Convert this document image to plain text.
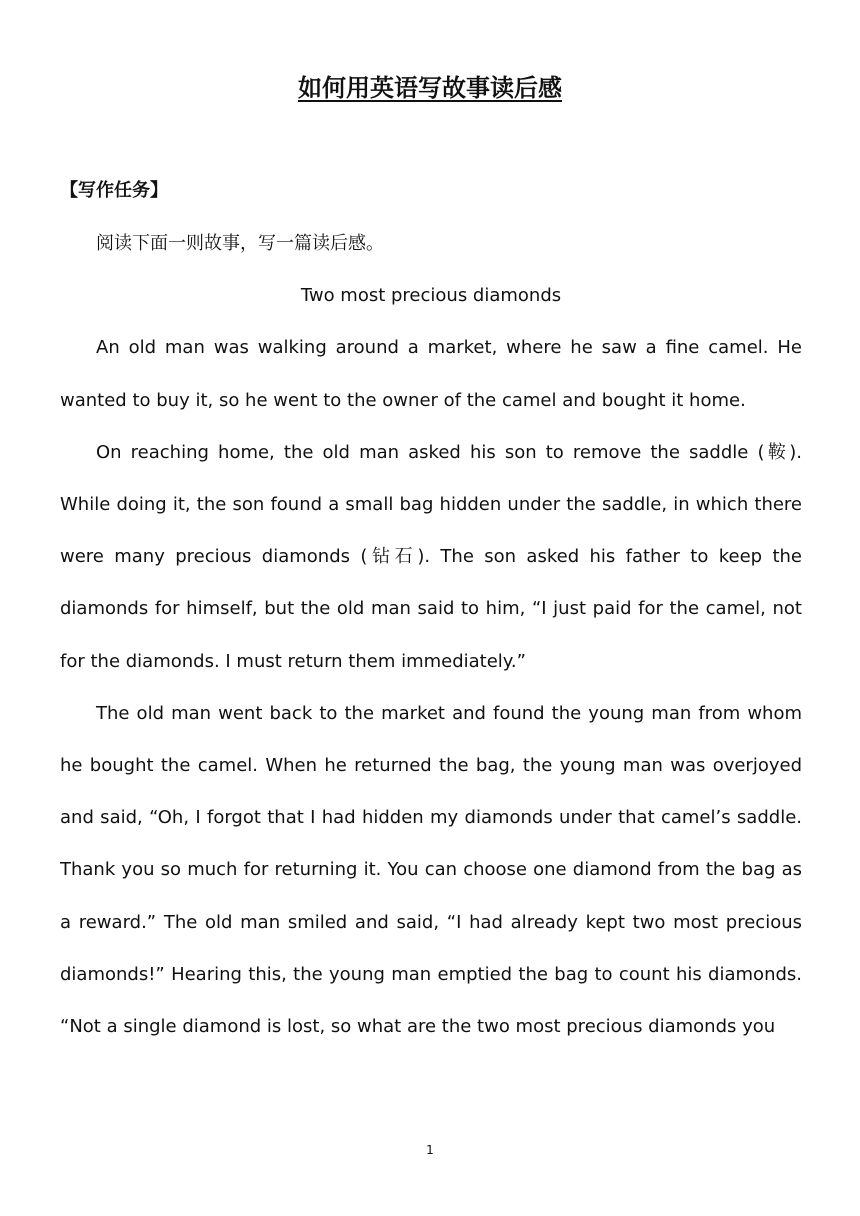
如何用英语写故事读后感
【写作任务】

阅读下面一则故事，写一篇读后感。

Two most precious diamonds

An old man was walking around a market, where he saw a fine camel. He wanted to buy it, so he went to the owner of the camel and bought it home.

On reaching home, the old man asked his son to remove the saddle (鞍). While doing it, the son found a small bag hidden under the saddle, in which there were many precious diamonds (钻石). The son asked his father to keep the diamonds for himself, but the old man said to him, “I just paid for the camel, not for the diamonds. I must return them immediately.”

The old man went back to the market and found the young man from whom he bought the camel. When he returned the bag, the young man was overjoyed and said, “Oh, I forgot that I had hidden my diamonds under that camel’s saddle. Thank you so much for returning it. You can choose one diamond from the bag as a reward.” The old man smiled and said, “I had already kept two most precious diamonds!” Hearing this, the young man emptied the bag to count his diamonds. “Not a single diamond is lost, so what are the two most precious diamonds you

1
